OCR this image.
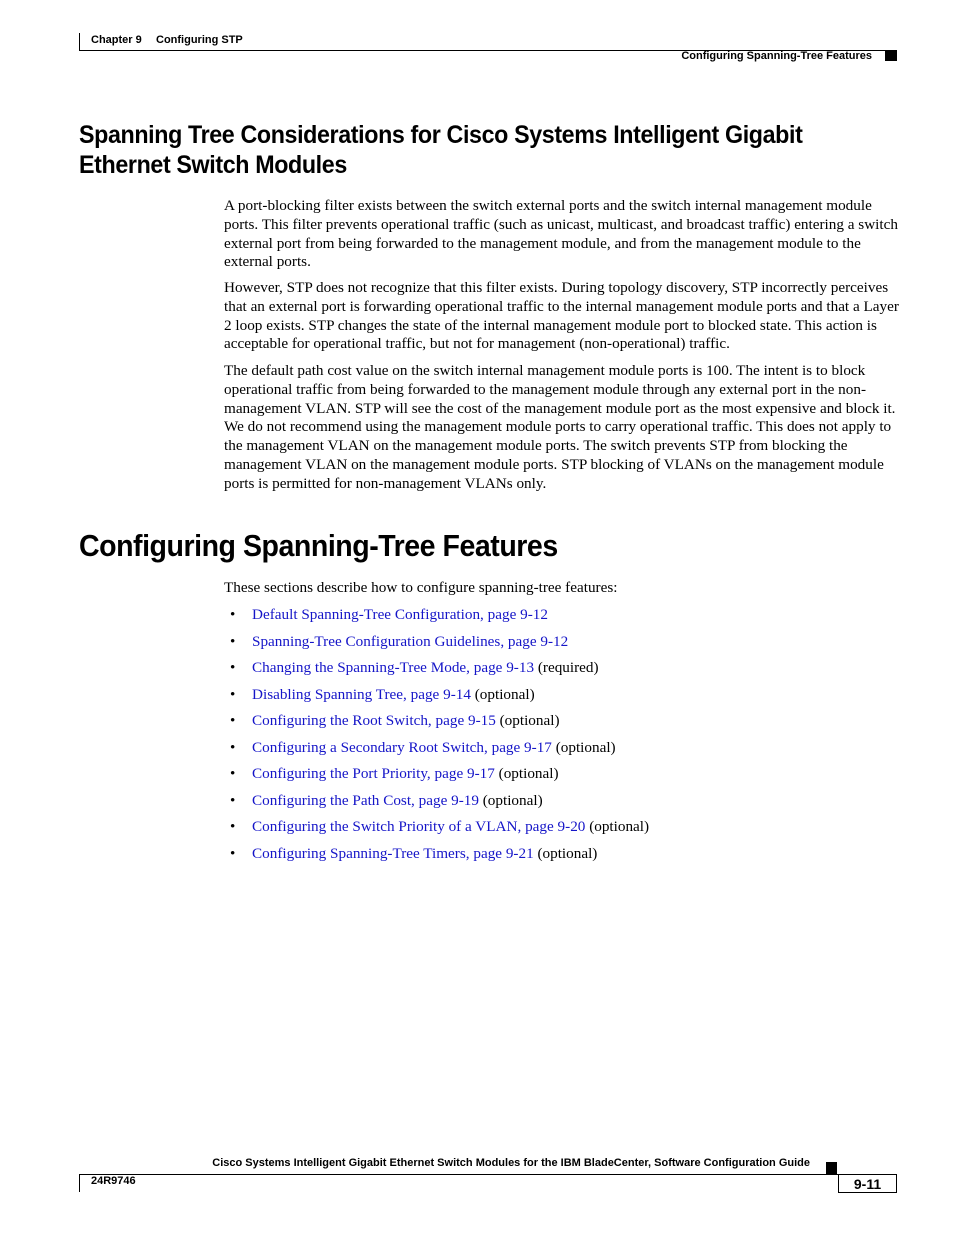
Chapter 9 Configuring STP
Configuring Spanning-Tree Features
Spanning Tree Considerations for Cisco Systems Intelligent Gigabit Ethernet Switch Modules

A port-blocking filter exists between the switch external ports and the switch internal management module ports. This filter prevents operational traffic (such as unicast, multicast, and broadcast traffic) entering a switch external port from being forwarded to the management module, and from the management module to the external ports.

However, STP does not recognize that this filter exists. During topology discovery, STP incorrectly perceives that an external port is forwarding operational traffic to the internal management module ports and that a Layer 2 loop exists. STP changes the state of the internal management module port to blocked state. This action is acceptable for operational traffic, but not for management (non-operational) traffic.

The default path cost value on the switch internal management module ports is 100. The intent is to block operational traffic from being forwarded to the management module through any external port in the non-management VLAN. STP will see the cost of the management module port as the most expensive and block it. We do not recommend using the management module ports to carry operational traffic. This does not apply to the management VLAN on the management module ports. The switch prevents STP from blocking the management VLAN on the management module ports. STP blocking of VLANs on the management module ports is permitted for non-management VLANs only.

Configuring Spanning-Tree Features
These sections describe how to configure spanning-tree features:
• Default Spanning-Tree Configuration, page 9-12
• Spanning-Tree Configuration Guidelines, page 9-12
• Changing the Spanning-Tree Mode, page 9-13 (required)
• Disabling Spanning Tree, page 9-14 (optional)
• Configuring the Root Switch, page 9-15 (optional)
• Configuring a Secondary Root Switch, page 9-17 (optional)
• Configuring the Port Priority, page 9-17 (optional)
• Configuring the Path Cost, page 9-19 (optional)
• Configuring the Switch Priority of a VLAN, page 9-20 (optional)
• Configuring Spanning-Tree Timers, page 9-21 (optional)
Cisco Systems Intelligent Gigabit Ethernet Switch Modules for the IBM BladeCenter, Software Configuration Guide
24R9746	9-11
